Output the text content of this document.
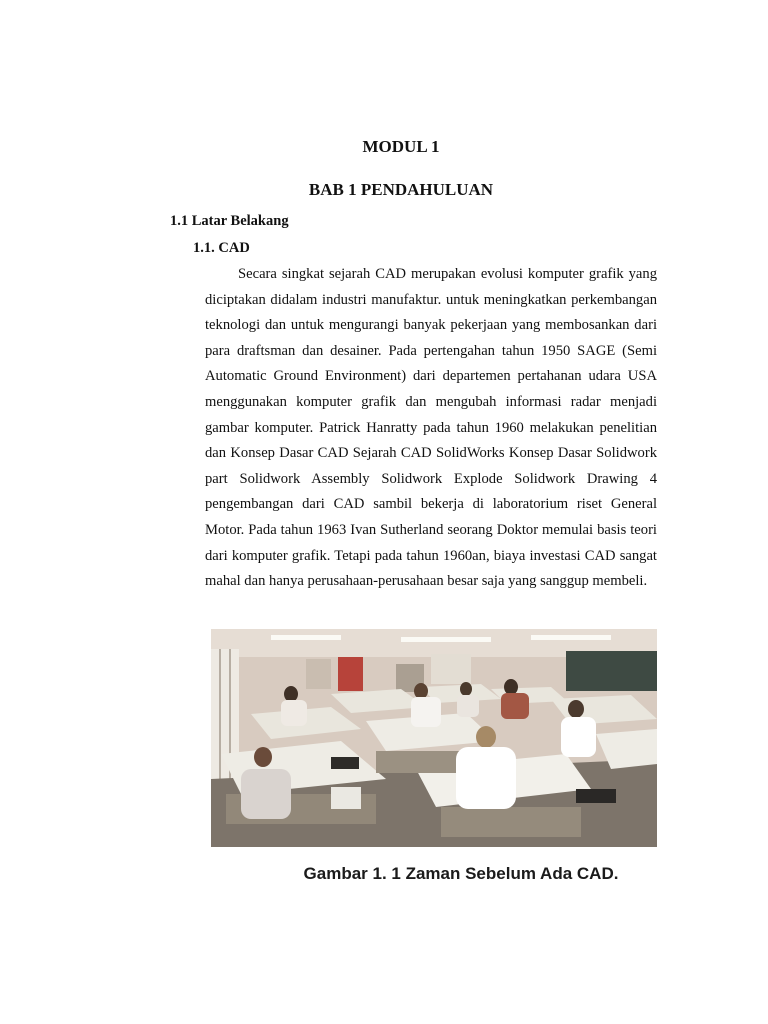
MODUL 1
BAB 1 PENDAHULUAN
1.1 Latar Belakang
1.1. CAD

Secara singkat sejarah CAD merupakan evolusi komputer grafik yang diciptakan didalam industri manufaktur. untuk meningkatkan perkembangan teknologi dan untuk mengurangi banyak pekerjaan yang membosankan dari para draftsman dan desainer. Pada pertengahan tahun 1950 SAGE (Semi Automatic Ground Environment) dari departemen pertahanan udara USA menggunakan komputer grafik dan mengubah informasi radar menjadi gambar komputer. Patrick Hanratty pada tahun 1960 melakukan penelitian dan Konsep Dasar CAD Sejarah CAD SolidWorks Konsep Dasar Solidwork part Solidwork Assembly Solidwork Explode Solidwork Drawing 4 pengembangan dari CAD sambil bekerja di laboratorium riset General Motor. Pada tahun 1963 Ivan Sutherland seorang Doktor memulai basis teori dari komputer grafik. Tetapi pada tahun 1960an, biaya investasi CAD sangat mahal dan hanya perusahaan-perusahaan besar saja yang sanggup membeli.

Gambar 1. 1 Zaman Sebelum Ada CAD.
